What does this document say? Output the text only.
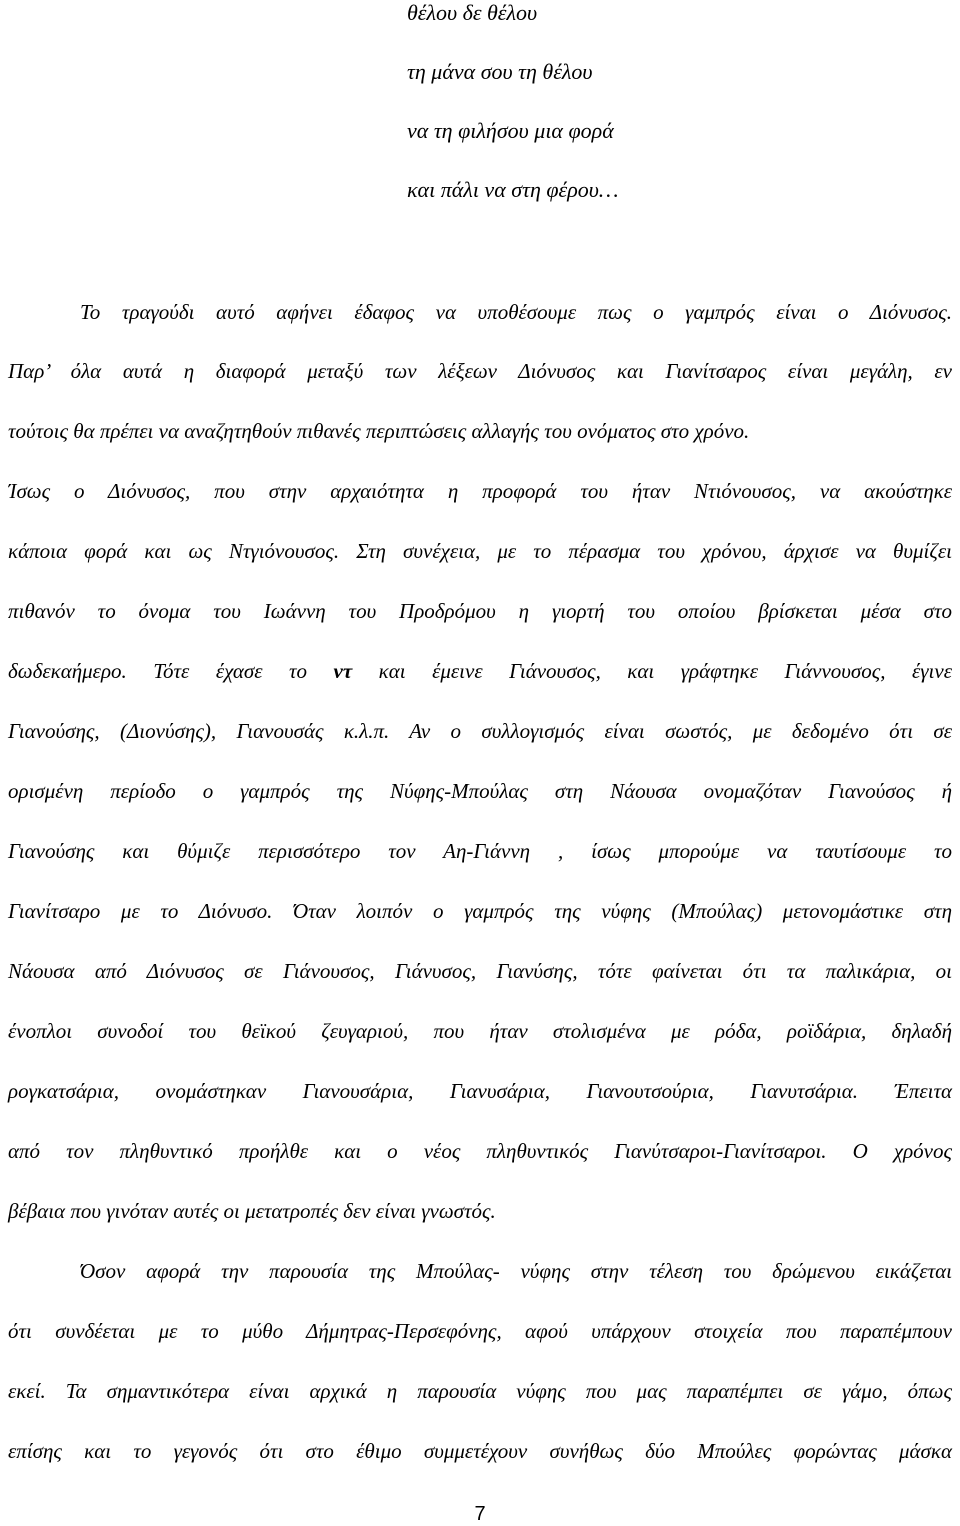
θέλου δε θέλου
τη μάνα σου τη θέλου
να τη φιλήσου μια φορά
και πάλι να στη φέρου…
Το τραγούδι αυτό αφήνει έδαφος να υποθέσουμε πως ο γαμπρός είναι ο Διόνυσος.
Παρ’ όλα αυτά η διαφορά μεταξύ των λέξεων Διόνυσος και Γιανίτσαρος είναι μεγάλη, εν
τούτοις θα πρέπει να αναζητηθούν πιθανές περιπτώσεις αλλαγής του ονόματος στο χρόνο.
Ίσως ο Διόνυσος, που στην αρχαιότητα η προφορά του ήταν Ντιόνουσος, να ακούστηκε
κάποια φορά και ως Ντγιόνουσος. Στη συνέχεια, με το πέρασμα του χρόνου, άρχισε να θυμίζει
πιθανόν το όνομα του Ιωάννη του Προδρόμου η γιορτή του οποίου βρίσκεται μέσα στο
δωδεκαήμερο. Τότε έχασε το ντ και έμεινε Γιάνουσος, και γράφτηκε Γιάννουσος, έγινε
Γιανούσης, (Διονύσης), Γιανουσάς κ.λ.π. Αν ο συλλογισμός είναι σωστός, με δεδομένο ότι σε
ορισμένη περίοδο ο γαμπρός της Νύφης-Μπούλας στη Νάουσα ονομαζόταν Γιανούσος ή
Γιανούσης και θύμιζε περισσότερο τον Αη-Γιάννη , ίσως μπορούμε να ταυτίσουμε το
Γιανίτσαρο με το Διόνυσο. Όταν λοιπόν ο γαμπρός της νύφης (Μπούλας) μετονομάστικε στη
Νάουσα από Διόνυσος σε Γιάνουσος, Γιάνυσος, Γιανύσης, τότε φαίνεται ότι τα παλικάρια, οι
ένοπλοι συνοδοί του θεϊκού ζευγαριού, που ήταν στολισμένα με ρόδα, ροϊδάρια, δηλαδή
ρογκατσάρια, ονομάστηκαν Γιανουσάρια, Γιανυσάρια, Γιανουτσούρια, Γιανυτσάρια. Έπειτα
από τον πληθυντικό προήλθε και ο νέος πληθυντικός Γιανύτσαροι-Γιανίτσαροι. Ο χρόνος
βέβαια που γινόταν αυτές οι μετατροπές δεν είναι γνωστός.
Όσον αφορά την παρουσία της Μπούλας- νύφης στην τέλεση του δρώμενου εικάζεται
ότι συνδέεται με το μύθο Δήμητρας-Περσεφόνης, αφού υπάρχουν στοιχεία που παραπέμπουν
εκεί. Τα σημαντικότερα είναι αρχικά η παρουσία νύφης που μας παραπέμπει σε γάμο, όπως
επίσης και το γεγονός ότι στο έθιμο συμμετέχουν συνήθως δύο Μπούλες φορώντας μάσκα
7
